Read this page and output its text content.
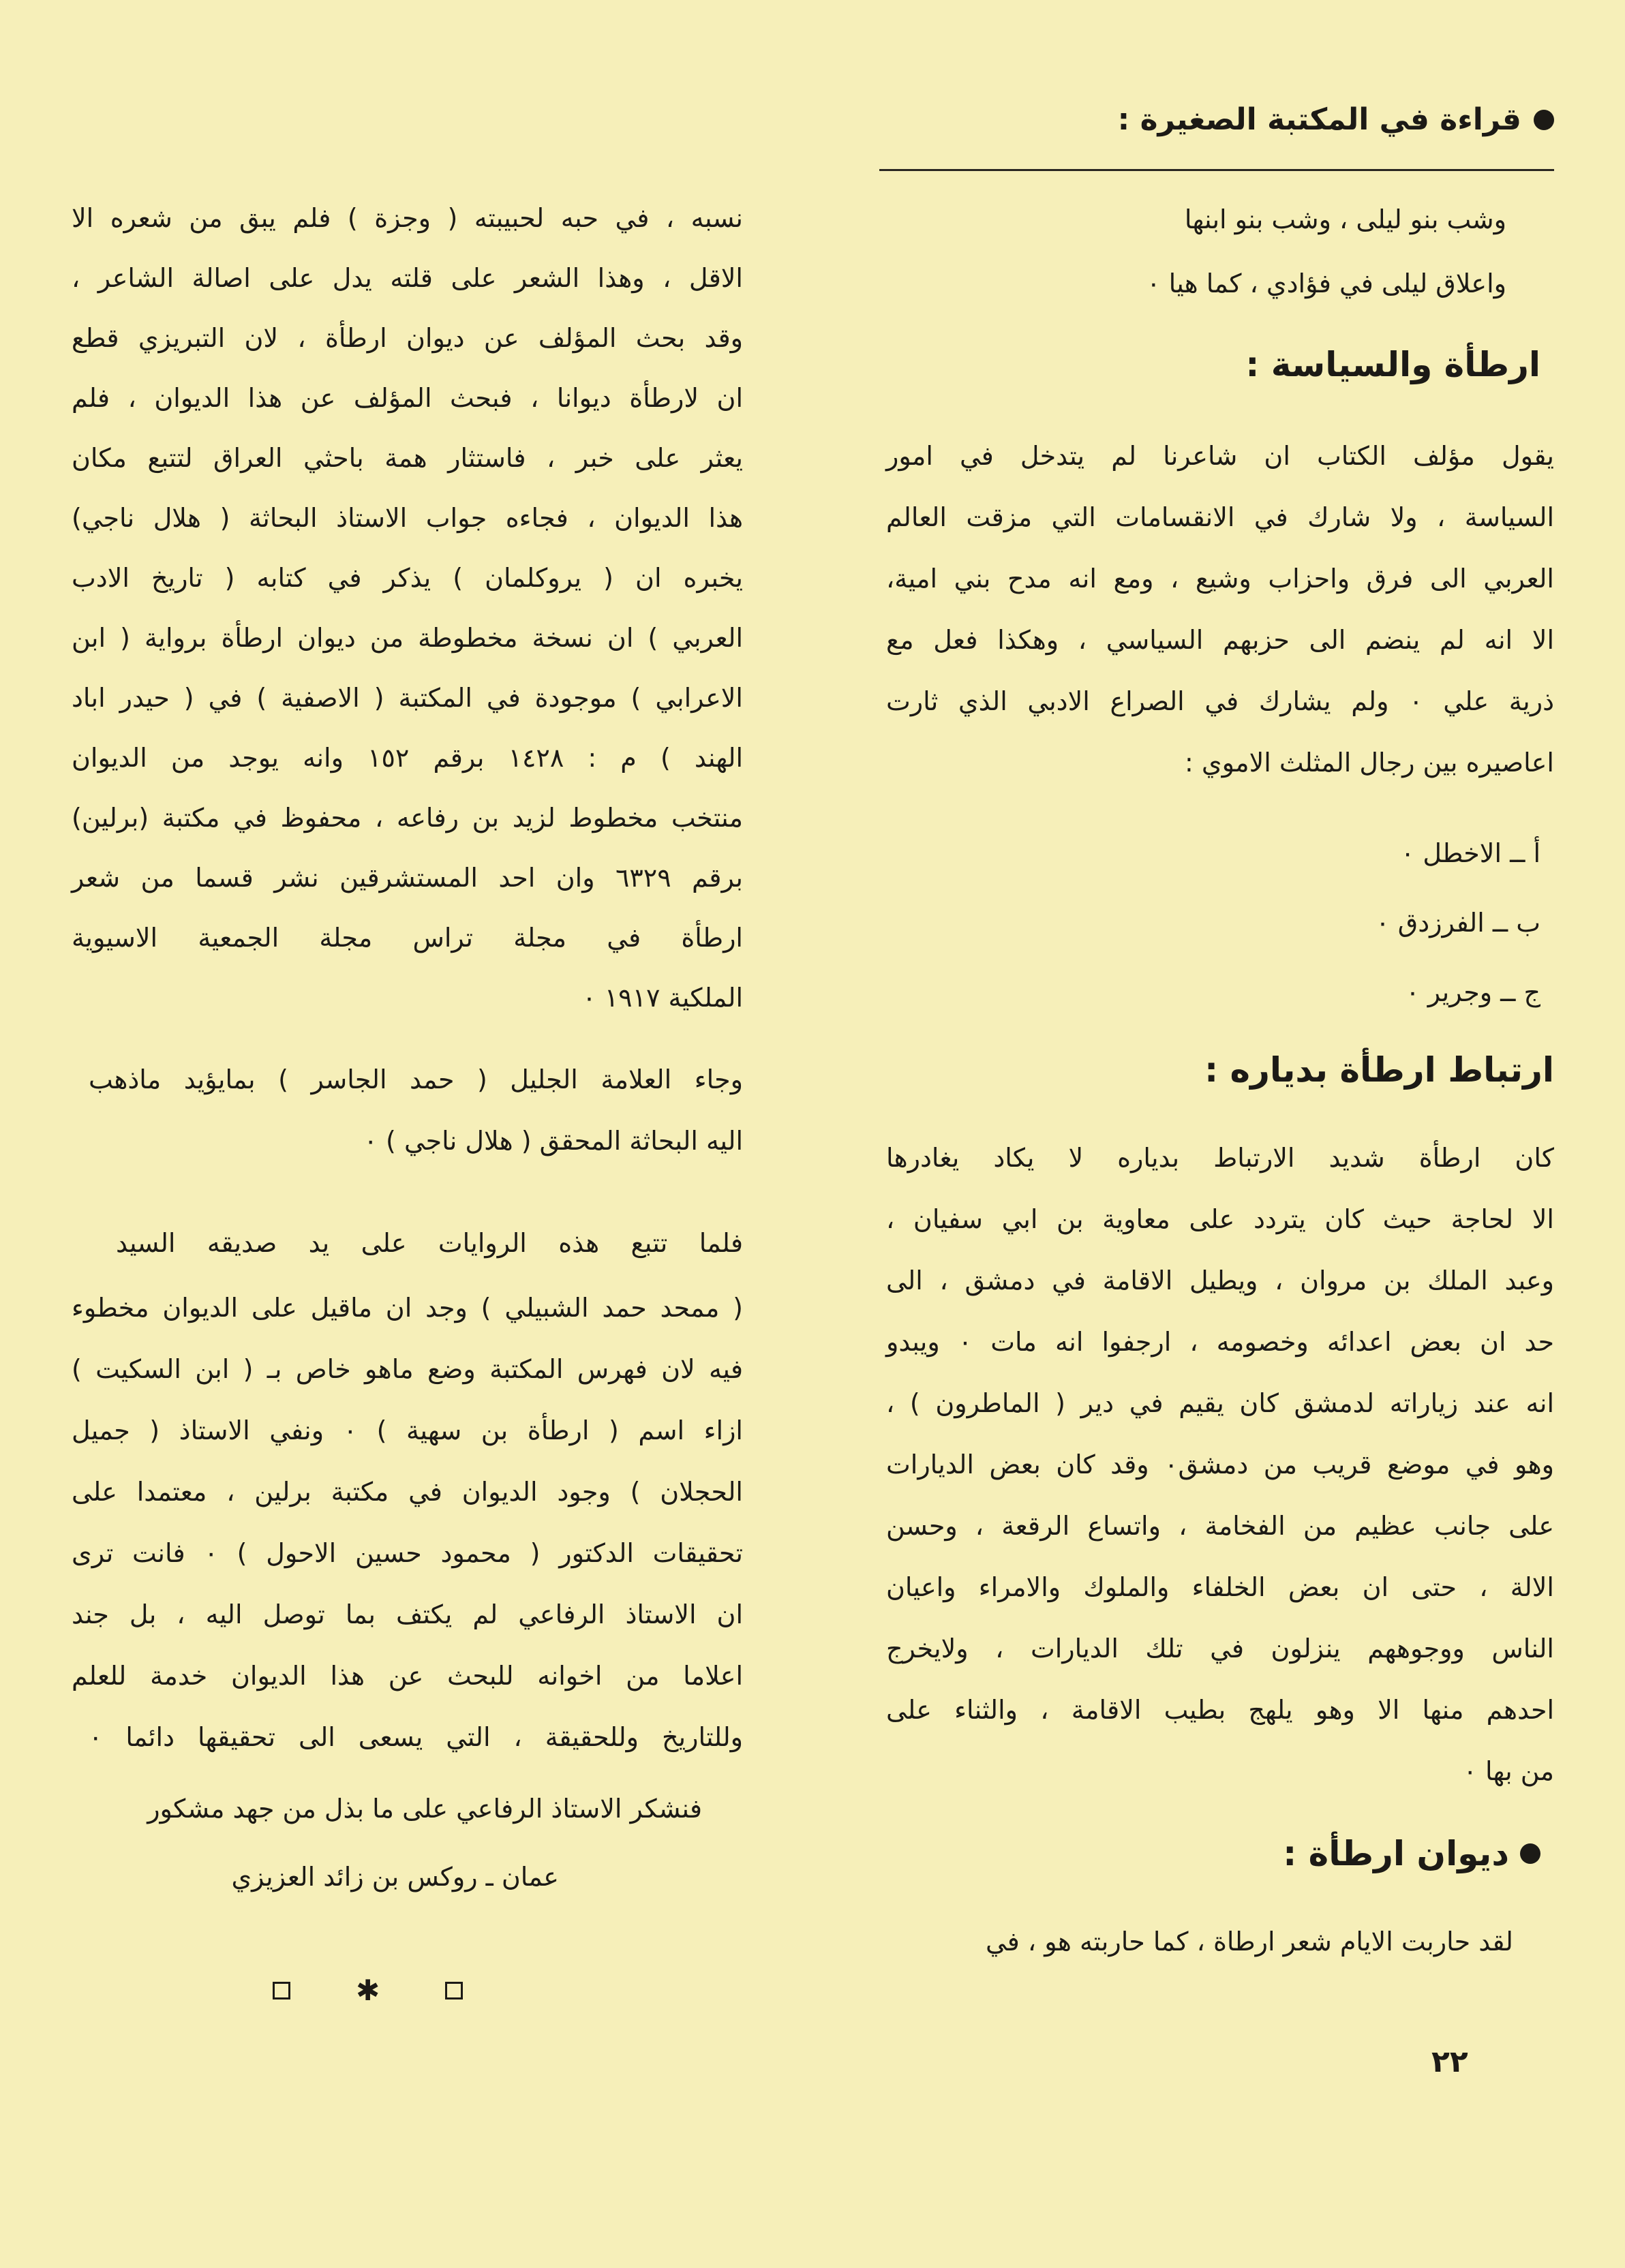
قراءة في المكتبة الصغيرة :
وشب بنو ليلى ، وشب بنو ابنها
واعلاق ليلى في فؤادي ، كما هيا ٠
ارطأة والسياسة :
يقول مؤلف الكتاب ان شاعرنا لم يتدخل في امور
السياسة ، ولا شارك في الانقسامات التي مزقت العالم
العربي الى فرق واحزاب وشيع ، ومع انه مدح بني امية،
الا انه لم ينضم الى حزبهم السياسي ، وهكذا فعل مع
ذرية علي ٠ ولم يشارك في الصراع الادبي الذي ثارت
اعاصيره بين رجال المثلث الاموي :
أ ــ الاخطل ٠
ب ــ الفرزدق ٠
ج ــ وجرير ٠
ارتباط ارطأة بدياره :
كان ارطأة شديد الارتباط بدياره لا يكاد يغادرها
الا لحاجة حيث كان يتردد على معاوية بن ابي سفيان ،
وعبد الملك بن مروان ، ويطيل الاقامة في دمشق ، الى
حد ان بعض اعدائه وخصومه ، ارجفوا انه مات ٠ ويبدو
انه عند زياراته لدمشق كان يقيم في دير ( الماطرون ) ،
وهو في موضع قريب من دمشق٠ وقد كان بعض الديارات
على جانب عظيم من الفخامة ، واتساع الرقعة ، وحسن
الالة ، حتى ان بعض الخلفاء والملوك والامراء واعيان
الناس ووجوههم ينزلون في تلك الديارات ، ولايخرج
احدهم منها الا وهو يلهج بطيب الاقامة ، والثناء على
من بها ٠
ديوان ارطأة :
لقد حاربت الايام شعر ارطاة ، كما حاربته هو ، في
نسبه ، في حبه لحبيبته ( وجزة ) فلم يبق من شعره الا
الاقل ، وهذا الشعر على قلته يدل على اصالة الشاعر ،
وقد بحث المؤلف عن ديوان ارطأة ، لان التبريزي قطع
ان لارطأة ديوانا ، فبحث المؤلف عن هذا الديوان ، فلم
يعثر على خبر ، فاستثار همة باحثي العراق لتتبع مكان
هذا الديوان ، فجاءه جواب الاستاذ البحاثة ( هلال ناجي)
يخبره ان ( يروكلمان ) يذكر في كتابه ( تاريخ الادب
العربي ) ان نسخة مخطوطة من ديوان ارطأة برواية ( ابن
الاعرابي ) موجودة في المكتبة ( الاصفية ) في ( حيدر اباد
الهند ) م : ١٤٢٨ برقم ١٥٢ وانه يوجد من الديوان
منتخب مخطوط لزيد بن رفاعه ، محفوظ في مكتبة (برلين)
برقم ٦٣٢٩ وان احد المستشرقين نشر قسما من شعر
ارطأة في مجلة تراس مجلة الجمعية الاسيوية
الملكية ١٩١٧ ٠
وجاء العلامة الجليل ( حمد الجاسر ) بمايؤيد ماذهب
اليه البحاثة المحقق ( هلال ناجي ) ٠
فلما تتبع هذه الروايات على يد صديقه السيد
( ممحد حمد الشبيلي ) وجد ان ماقيل على الديوان مخطوء
فيه لان فهرس المكتبة وضع ماهو خاص بـ ( ابن السكيت )
ازاء اسم ( ارطأة بن سهية ) ٠ ونفي الاستاذ ( جميل
الحجلان ) وجود الديوان في مكتبة برلين ، معتمدا على
تحقيقات الدكتور ( محمود حسين الاحول ) ٠ فانت ترى
ان الاستاذ الرفاعي لم يكتف بما توصل اليه ، بل جند
اعلاما من اخوانه للبحث عن هذا الديوان خدمة للعلم
وللتاريخ وللحقيقة ، التي يسعى الى تحقيقها دائما ٠
فنشكر الاستاذ الرفاعي على ما بذل من جهد مشكور
عمان ـ روكس بن زائد العزيزي
✱
٢٢
